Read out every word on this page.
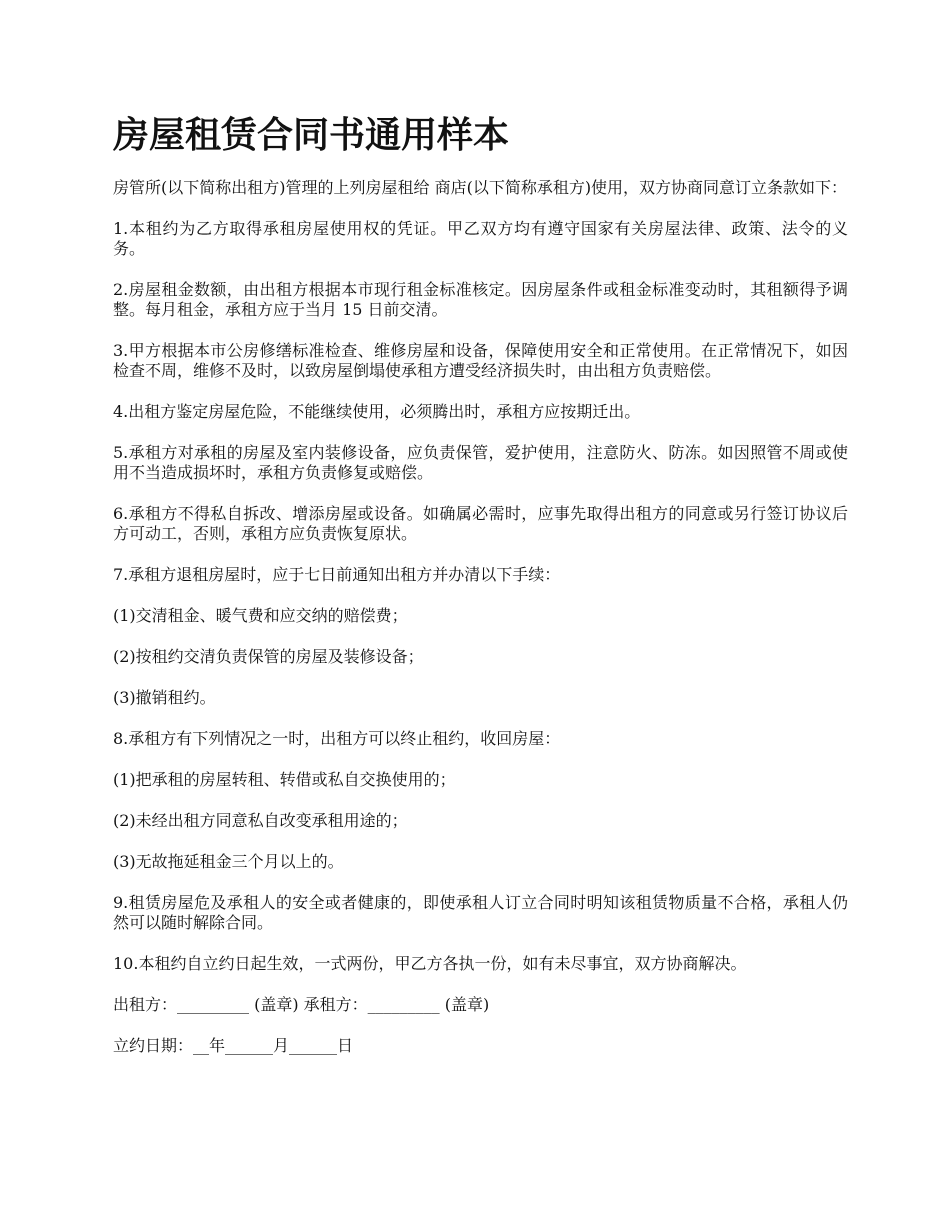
房屋租赁合同书通用样本

房管所(以下简称出租方)管理的上列房屋租给 商店(以下简称承租方)使用，双方协商同意订立条款如下：

1.本租约为乙方取得承租房屋使用权的凭证。甲乙双方均有遵守国家有关房屋法律、政策、法令的义务。

2.房屋租金数额，由出租方根据本市现行租金标准核定。因房屋条件或租金标准变动时，其租额得予调整。每月租金，承租方应于当月 15 日前交清。

3.甲方根据本市公房修缮标准检查、维修房屋和设备，保障使用安全和正常使用。在正常情况下，如因检查不周，维修不及时，以致房屋倒塌使承租方遭受经济损失时，由出租方负责赔偿。

4.出租方鉴定房屋危险，不能继续使用，必须腾出时，承租方应按期迁出。

5.承租方对承租的房屋及室内装修设备，应负责保管，爱护使用，注意防火、防冻。如因照管不周或使用不当造成损坏时，承租方负责修复或赔偿。

6.承租方不得私自拆改、增添房屋或设备。如确属必需时，应事先取得出租方的同意或另行签订协议后方可动工，否则，承租方应负责恢复原状。

7.承租方退租房屋时，应于七日前通知出租方并办清以下手续：

(1)交清租金、暖气费和应交纳的赔偿费；

(2)按租约交清负责保管的房屋及装修设备；

(3)撤销租约。

8.承租方有下列情况之一时，出租方可以终止租约，收回房屋：

(1)把承租的房屋转租、转借或私自交换使用的；

(2)未经出租方同意私自改变承租用途的；

(3)无故拖延租金三个月以上的。

9.租赁房屋危及承租人的安全或者健康的，即使承租人订立合同时明知该租赁物质量不合格，承租人仍然可以随时解除合同。

10.本租约自立约日起生效，一式两份，甲乙方各执一份，如有未尽事宜，双方协商解决。

出租方：_________ (盖章) 承租方：_________ (盖章)

立约日期：__年______月______日
